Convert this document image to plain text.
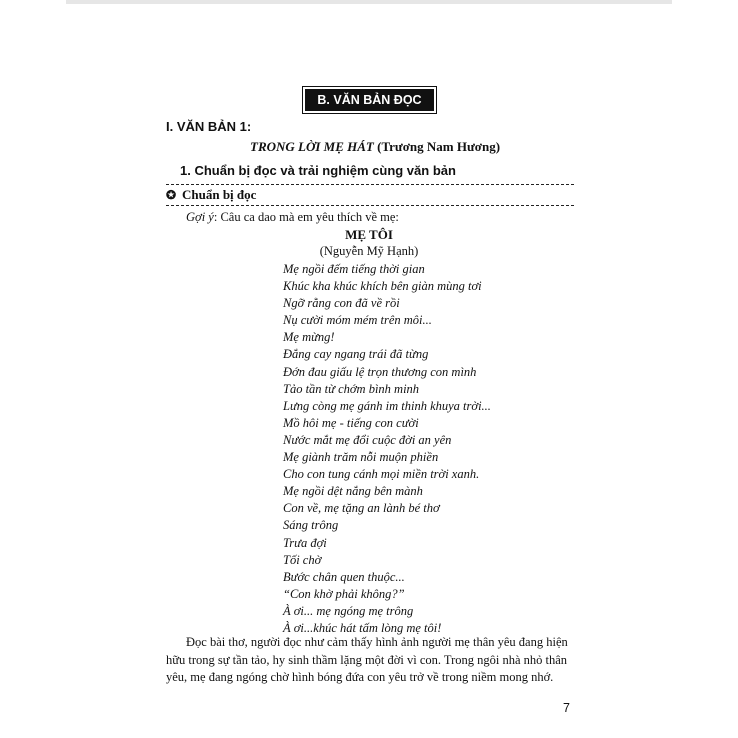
B. VĂN BẢN ĐỌC
I. VĂN BẢN 1:
TRONG LỜI MẸ HÁT (Trương Nam Hương)
1. Chuẩn bị đọc và trải nghiệm cùng văn bản
✪ Chuẩn bị đọc
Gợi ý: Câu ca dao mà em yêu thích về mẹ:
MẸ TÔI
(Nguyễn Mỹ Hạnh)
Mẹ ngồi đếm tiếng thời gian
Khúc kha khúc khích bên giàn mùng tơi
Ngỡ rằng con đã về rồi
Nụ cười móm mém trên môi...
Mẹ mừng!
Đắng cay ngang trái đã từng
Đớn đau giấu lệ trọn thương con mình
Tảo tần từ chớm bình minh
Lưng còng mẹ gánh im thinh khuya trời...
Mồ hôi mẹ - tiếng con cười
Nước mắt mẹ đổi cuộc đời an yên
Mẹ giành trăm nỗi muộn phiền
Cho con tung cánh mọi miền trời xanh.
Mẹ ngồi dệt nắng bên mành
Con về, mẹ tặng an lành bé thơ
Sáng trông
Trưa đợi
Tối chờ
Bước chân quen thuộc...
“Con khờ phải không?”
À ơi... mẹ ngóng mẹ trông
À ơi...khúc hát tấm lòng mẹ tôi!
Đọc bài thơ, người đọc như cảm thấy hình ảnh người mẹ thân yêu đang hiện
hữu trong sự tần tảo, hy sinh thầm lặng một đời vì con. Trong ngôi nhà nhỏ thân
yêu, mẹ đang ngóng chờ hình bóng đứa con yêu trở về trong niềm mong nhớ.
7
